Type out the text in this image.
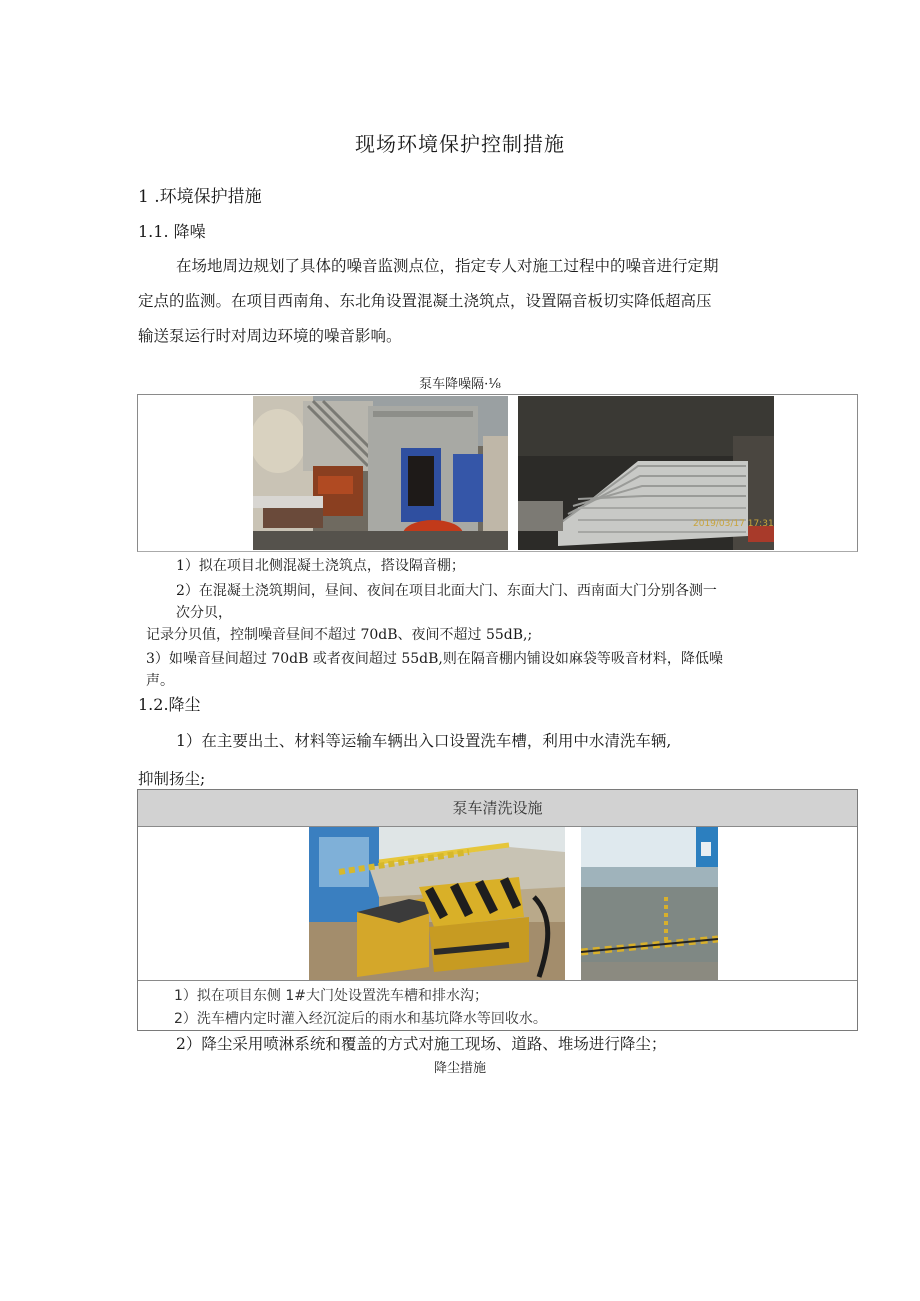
现场环境保护控制措施
1 .环境保护措施
1.1. 降噪
在场地周边规划了具体的噪音监测点位，指定专人对施工过程中的噪音进行定期
定点的监测。在项目西南角、东北角设置混凝土浇筑点，设置隔音板切实降低超高压
输送泵运行时对周边环境的噪音影响。
泵车降噪隔·⅛
2019/03/17 17:31
1）拟在项目北侧混凝土浇筑点，搭设隔音棚；
2）在混凝土浇筑期间，昼间、夜间在项目北面大门、东面大门、西南面大门分别各测一
次分贝，
记录分贝值，控制噪音昼间不超过 70dB、夜间不超过 55dB,;
3）如噪音昼间超过 70dB 或者夜间超过 55dB,则在隔音棚内铺设如麻袋等吸音材料，降低噪
声。
1.2.降尘
1）在主要出土、材料等运输车辆出入口设置洗车槽，利用中水清洗车辆,
抑制扬尘;
泵车清洗设施
1）拟在项目东侧 1#大门处设置洗车槽和排水沟；
2）洗车槽内定时灌入经沉淀后的雨水和基坑降水等回收水。
2）降尘采用喷淋系统和覆盖的方式对施工现场、道路、堆场进行降尘；
降尘措施
